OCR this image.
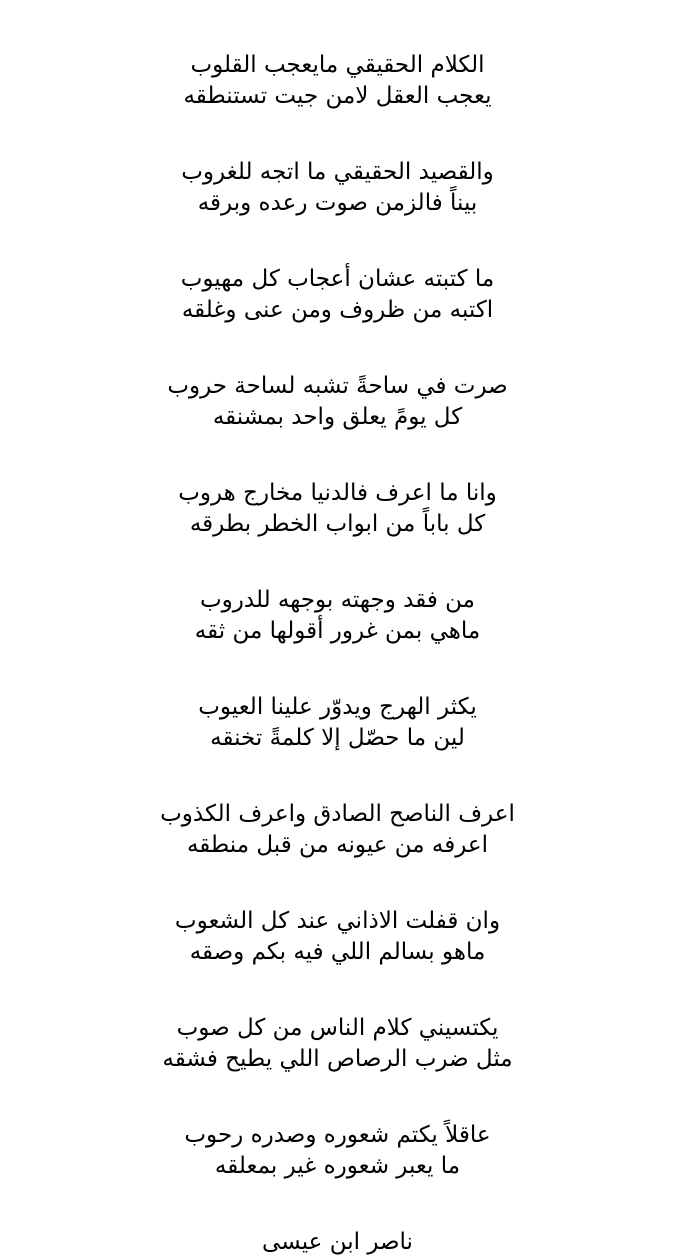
الكلام الحقيقي مايعجب القلوب
يعجب العقل لامن جيت تستنطقه
والقصيد الحقيقي ما اتجه للغروب
بيناً فالزمن صوت رعده وبرقه
ما كتبته عشان أعجاب كل مهيوب
اكتبه من ظروف ومن عنى وغلقه
صرت في ساحةً تشبه لساحة حروب
كل يومً يعلق واحد بمشنقه
وانا ما اعرف فالدنيا مخارج هروب
كل باباً من ابواب الخطر بطرقه
من فقد وجهته بوجهه للدروب
ماهي بمن غرور أقولها من ثقه
يكثر الهرج ويدوّر علينا العيوب
لين ما حصّل إلا كلمةً تخنقه
اعرف الناصح الصادق واعرف الكذوب
اعرفه من عيونه من قبل منطقه
وان قفلت الاذاني عند كل الشعوب
ماهو بسالم اللي فيه بكم وصقه
يكتسيني كلام الناس من كل صوب
مثل ضرب الرصاص اللي يطيح فشقه
عاقلاً يكتم شعوره وصدره رحوب
ما يعبر شعوره غير بمعلقه
ناصر ابن عيسى
